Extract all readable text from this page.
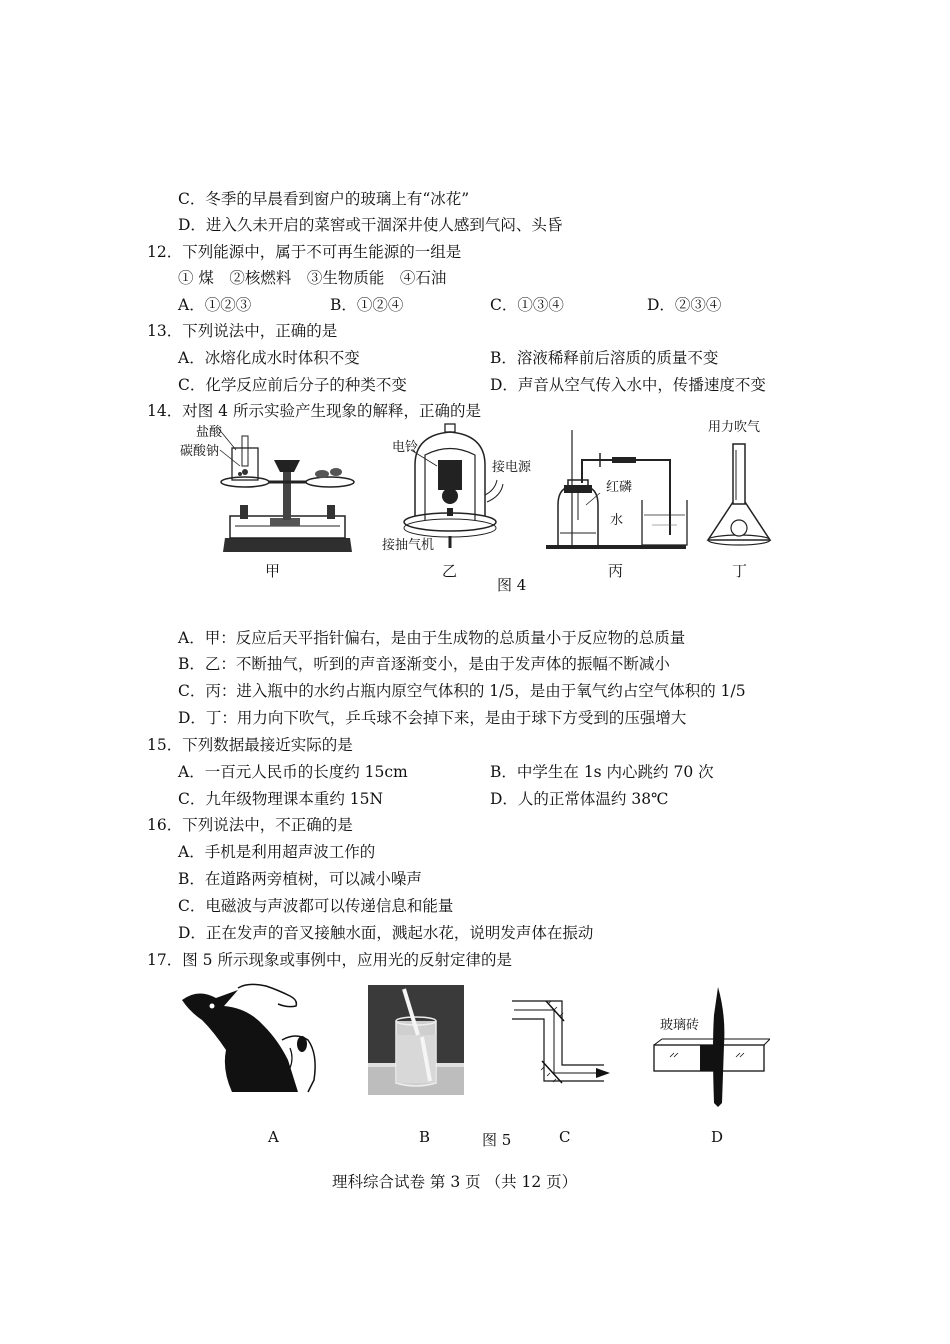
C．冬季的早晨看到窗户的玻璃上有“冰花”
D．进入久未开启的菜窖或干涸深井使人感到气闷、头昏
12．下列能源中，属于不可再生能源的一组是
① 煤　②核燃料　③生物质能　④石油
A．①②③	B．①②④	C．①③④	D．②③④
13．下列说法中，正确的是
A．冰熔化成水时体积不变	B．溶液稀释前后溶质的质量不变
C．化学反应前后分子的种类不变	D．声音从空气传入水中，传播速度不变
14．对图 4 所示实验产生现象的解释，正确的是
盐酸
碳酸钠	电铃
接电源
接抽气机
红磷
水
用力吹气
甲	乙	丙	丁
图 4
A．甲：反应后天平指针偏右，是由于生成物的总质量小于反应物的总质量
B．乙：不断抽气，听到的声音逐渐变小，是由于发声体的振幅不断减小
C．丙：进入瓶中的水约占瓶内原空气体积的 1/5，是由于氧气约占空气体积的 1/5
D．丁：用力向下吹气，乒乓球不会掉下来，是由于球下方受到的压强增大
15．下列数据最接近实际的是
A．一百元人民币的长度约 15cm	B．中学生在 1s 内心跳约 70 次
C．九年级物理课本重约 15N	D．人的正常体温约 38℃
16．下列说法中，不正确的是
A．手机是利用超声波工作的
B．在道路两旁植树，可以减小噪声
C．电磁波与声波都可以传递信息和能量
D．正在发声的音叉接触水面，溅起水花，说明发声体在振动
17．图 5 所示现象或事例中，应用光的反射定律的是
玻璃砖
A	B	图 5	C	D
理科综合试卷 第 3 页 （共 12 页）
